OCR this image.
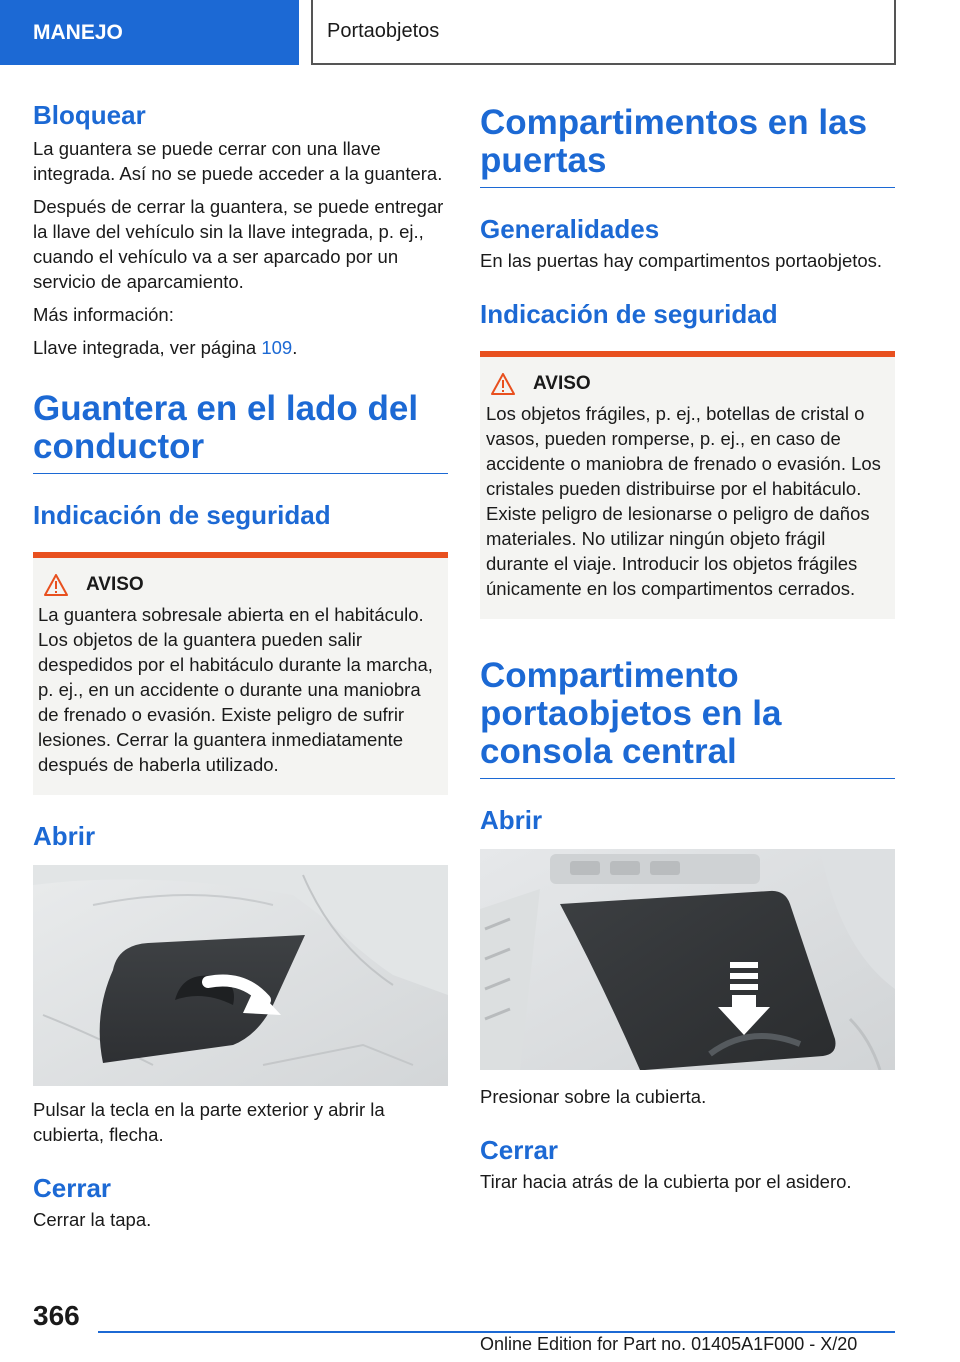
MANEJO	Portaobjetos
Bloquear

La guantera se puede cerrar con una llave integrada. Así no se puede acceder a la guantera.

Después de cerrar la guantera, se puede entregar la llave del vehículo sin la llave integrada, p. ej., cuando el vehículo va a ser aparcado por un servicio de aparcamiento.

Más información:

Llave integrada, ver página 109.

Guantera en el lado del conductor
Indicación de seguridad
AVISO

La guantera sobresale abierta en el habitáculo. Los objetos de la guantera pueden salir despedidos por el habitáculo durante la marcha, p. ej., en un accidente o durante una maniobra de frenado o evasión. Existe peligro de sufrir lesiones. Cerrar la guantera inmediatamente después de haberla utilizado.

Abrir

Pulsar la tecla en la parte exterior y abrir la cubierta, flecha.

Cerrar

Cerrar la tapa.

Compartimentos en las puertas
Generalidades

En las puertas hay compartimentos portaobjetos.

Indicación de seguridad
AVISO

Los objetos frágiles, p. ej., botellas de cristal o vasos, pueden romperse, p. ej., en caso de accidente o maniobra de frenado o evasión. Los cristales pueden distribuirse por el habitáculo. Existe peligro de lesionarse o peligro de daños materiales. No utilizar ningún objeto frágil durante el viaje. Introducir los objetos frágiles únicamente en los compartimentos cerrados.

Compartimento portaobjetos en la consola central
Abrir

Presionar sobre la cubierta.

Cerrar

Tirar hacia atrás de la cubierta por el asidero.

366
Online Edition for Part no. 01405A1F000 - X/20
